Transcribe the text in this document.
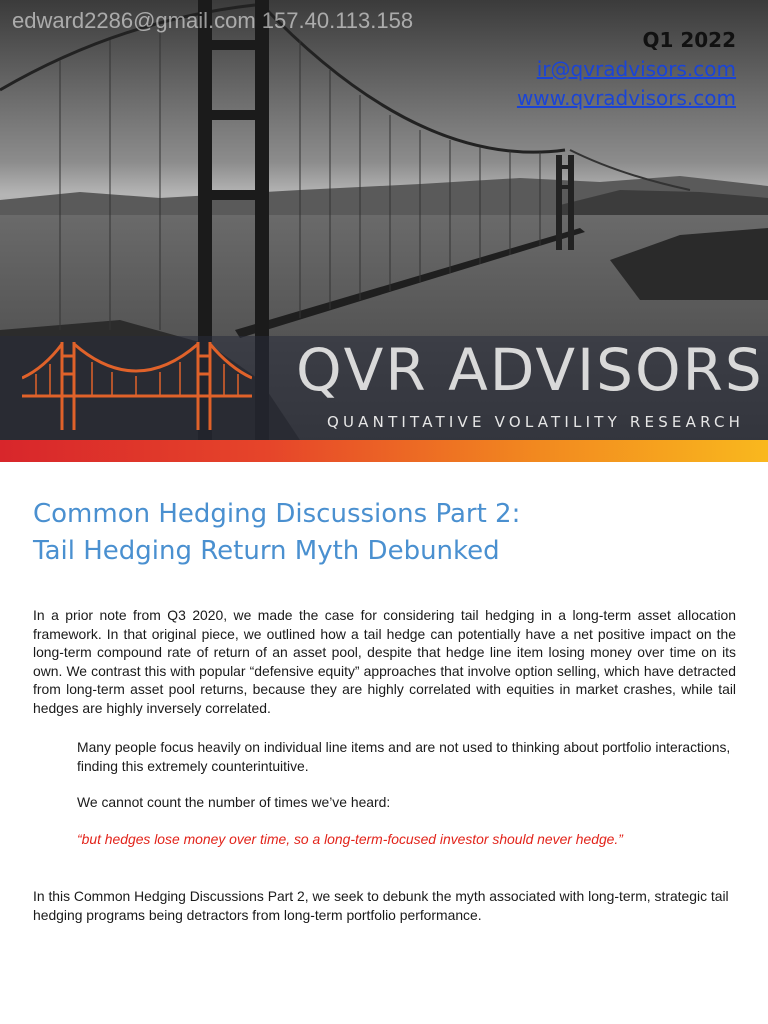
edward2286@gmail.com 157.40.113.158
Q1 2022
ir@qvradvisors.com
www.qvradvisors.com
QVR ADVISORS
QUANTITATIVE VOLATILITY RESEARCH
Common Hedging Discussions Part 2:
Tail Hedging Return Myth Debunked
In a prior note from Q3 2020, we made the case for considering tail hedging in a long-term asset allocation framework. In that original piece, we outlined how a tail hedge can potentially have a net positive impact on the long-term compound rate of return of an asset pool, despite that hedge line item losing money over time on its own. We contrast this with popular “defensive equity” approaches that involve option selling, which have detracted from long-term asset pool returns, because they are highly correlated with equities in market crashes, while tail hedges are highly inversely correlated.
Many people focus heavily on individual line items and are not used to thinking about portfolio interactions, finding this extremely counterintuitive.
We cannot count the number of times we’ve heard:
“but hedges lose money over time, so a long-term-focused investor should never hedge.”
In this Common Hedging Discussions Part 2, we seek to debunk the myth associated with long-term, strategic tail hedging programs being detractors from long-term portfolio performance.
